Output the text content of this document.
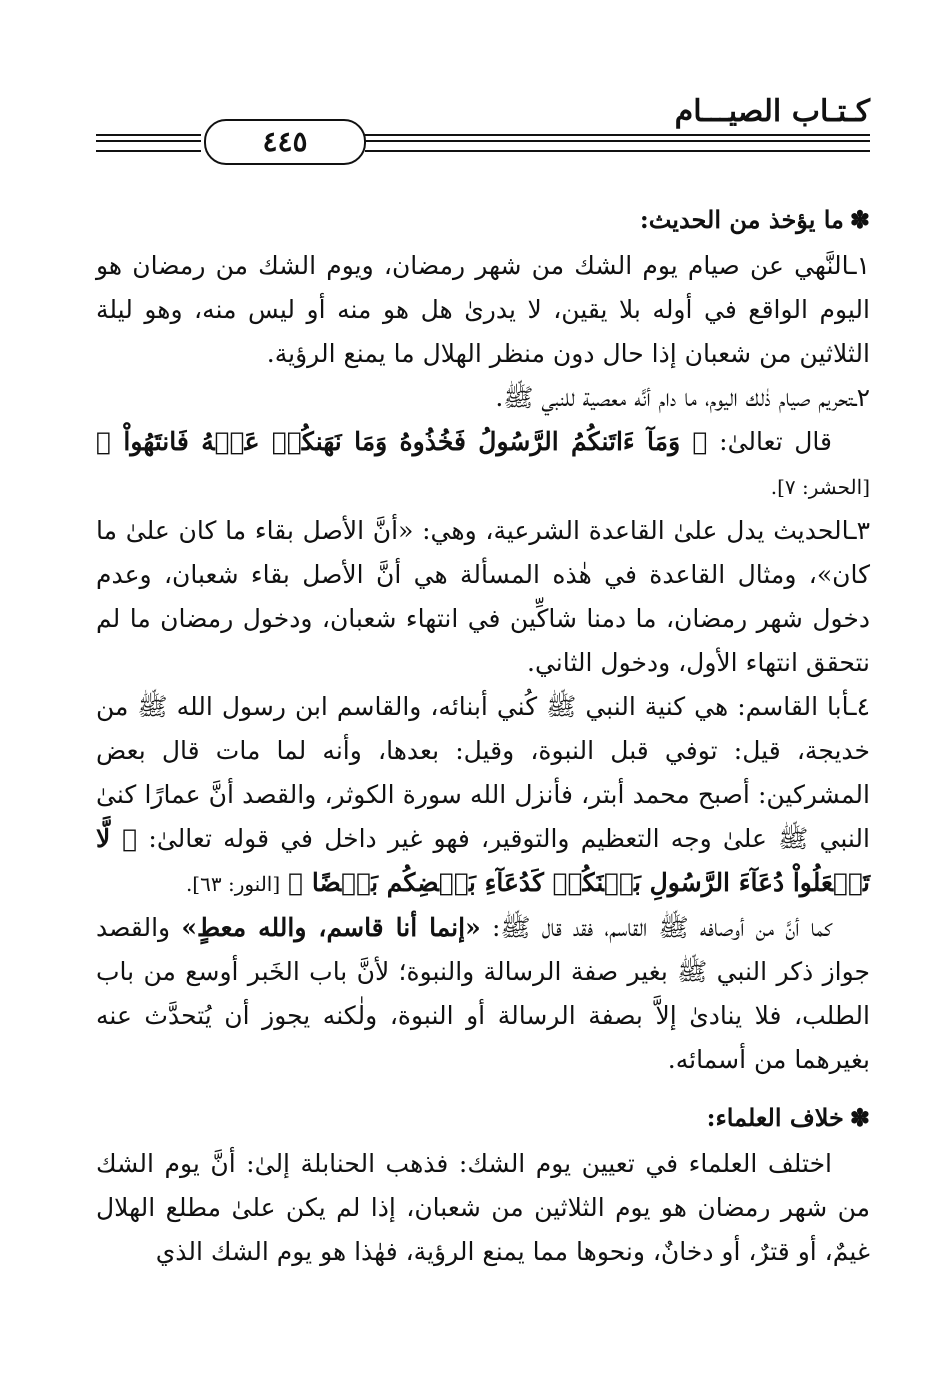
كـتـاب الصيـــام
٤٤٥
✽ما يؤخذ من الحديث:

١ـالنَّهي عن صيام يوم الشك من شهر رمضان، ويوم الشك من رمضان هو اليوم الواقع في أوله بلا يقين، لا يدرىٰ هل هو منه أو ليس منه، وهو ليلة الثلاثين من شعبان إذا حال دون منظر الهلال ما يمنع الرؤية.

٢ـتحريم صيام ذٰلك اليوم، ما دام أنَّه معصية للنبي ﷺ.

قال تعالىٰ: ﴿ وَمَآ ءَاتَنكُمُ الرَّسُولُ فَخُذُوهُ وَمَا نَهَنكُمۡ عَنۡهُ فَانتَهُواْ ﴾ [الحشر: ٧].

٣ـالحديث يدل علىٰ القاعدة الشرعية، وهي: «أنَّ الأصل بقاء ما كان علىٰ ما كان»، ومثال القاعدة في هٰذه المسألة هي أنَّ الأصل بقاء شعبان، وعدم دخول شهر رمضان، ما دمنا شاكِّين في انتهاء شعبان، ودخول رمضان ما لم نتحقق انتهاء الأول، ودخول الثاني.

٤ـأبا القاسم: هي كنية النبي ﷺ كُني أبنائه، والقاسم ابن رسول الله ﷺ من خديجة، قيل: توفي قبل النبوة، وقيل: بعدها، وأنه لما مات قال بعض المشركين: أصبح محمد أبتر، فأنزل الله سورة الكوثر، والقصد أنَّ عمارًا كنىٰ النبي ﷺ علىٰ وجه التعظيم والتوقير، فهو غير داخل في قوله تعالىٰ: ﴿ لَّا تَجۡعَلُواْ دُعَآءَ الرَّسُولِ بَيۡنَكُمۡ كَدُعَآءِ بَعۡضِكُم بَعۡضًا ﴾ [النور: ٦٣].

كما أنَّ من أوصافه ﷺ القاسم، فقد قال ﷺ: «إنما أنا قاسم، والله معطٍ» والقصد جواز ذكر النبي ﷺ بغير صفة الرسالة والنبوة؛ لأنَّ باب الخَبر أوسع من باب الطلب، فلا ينادىٰ إلاَّ بصفة الرسالة أو النبوة، ولٰكنه يجوز أن يُتحدَّث عنه بغيرهما من أسمائه.

✽خلاف العلماء:

اختلف العلماء في تعيين يوم الشك: فذهب الحنابلة إلىٰ: أنَّ يوم الشك من شهر رمضان هو يوم الثلاثين من شعبان، إذا لم يكن علىٰ مطلع الهلال غيمٌ، أو قترٌ، أو دخانٌ، ونحوها مما يمنع الرؤية، فهٰذا هو يوم الشك الذي
